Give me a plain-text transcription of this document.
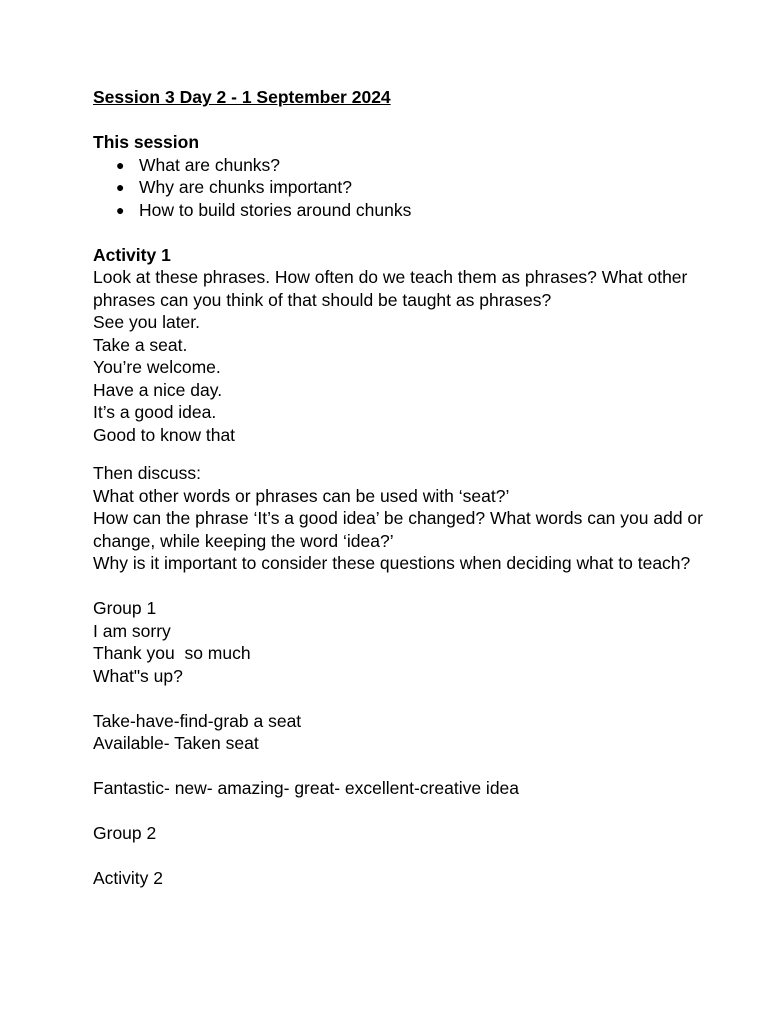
Session 3 Day 2 - 1 September 2024
This session
● What are chunks?
● Why are chunks important?
● How to build stories around chunks
Activity 1
Look at these phrases. How often do we teach them as phrases? What other phrases can you think of that should be taught as phrases?
See you later.
Take a seat.
You’re welcome.
Have a nice day.
It’s a good idea.
Good to know that
Then discuss:
What other words or phrases can be used with ‘seat?’
How can the phrase ‘It’s a good idea’ be changed? What words can you add or change, while keeping the word ‘idea?’
Why is it important to consider these questions when deciding what to teach?
Group 1
I am sorry
Thank you  so much
What"s up?
Take-have-find-grab a seat
Available- Taken seat
Fantastic- new- amazing- great- excellent-creative idea
Group 2
Activity 2
